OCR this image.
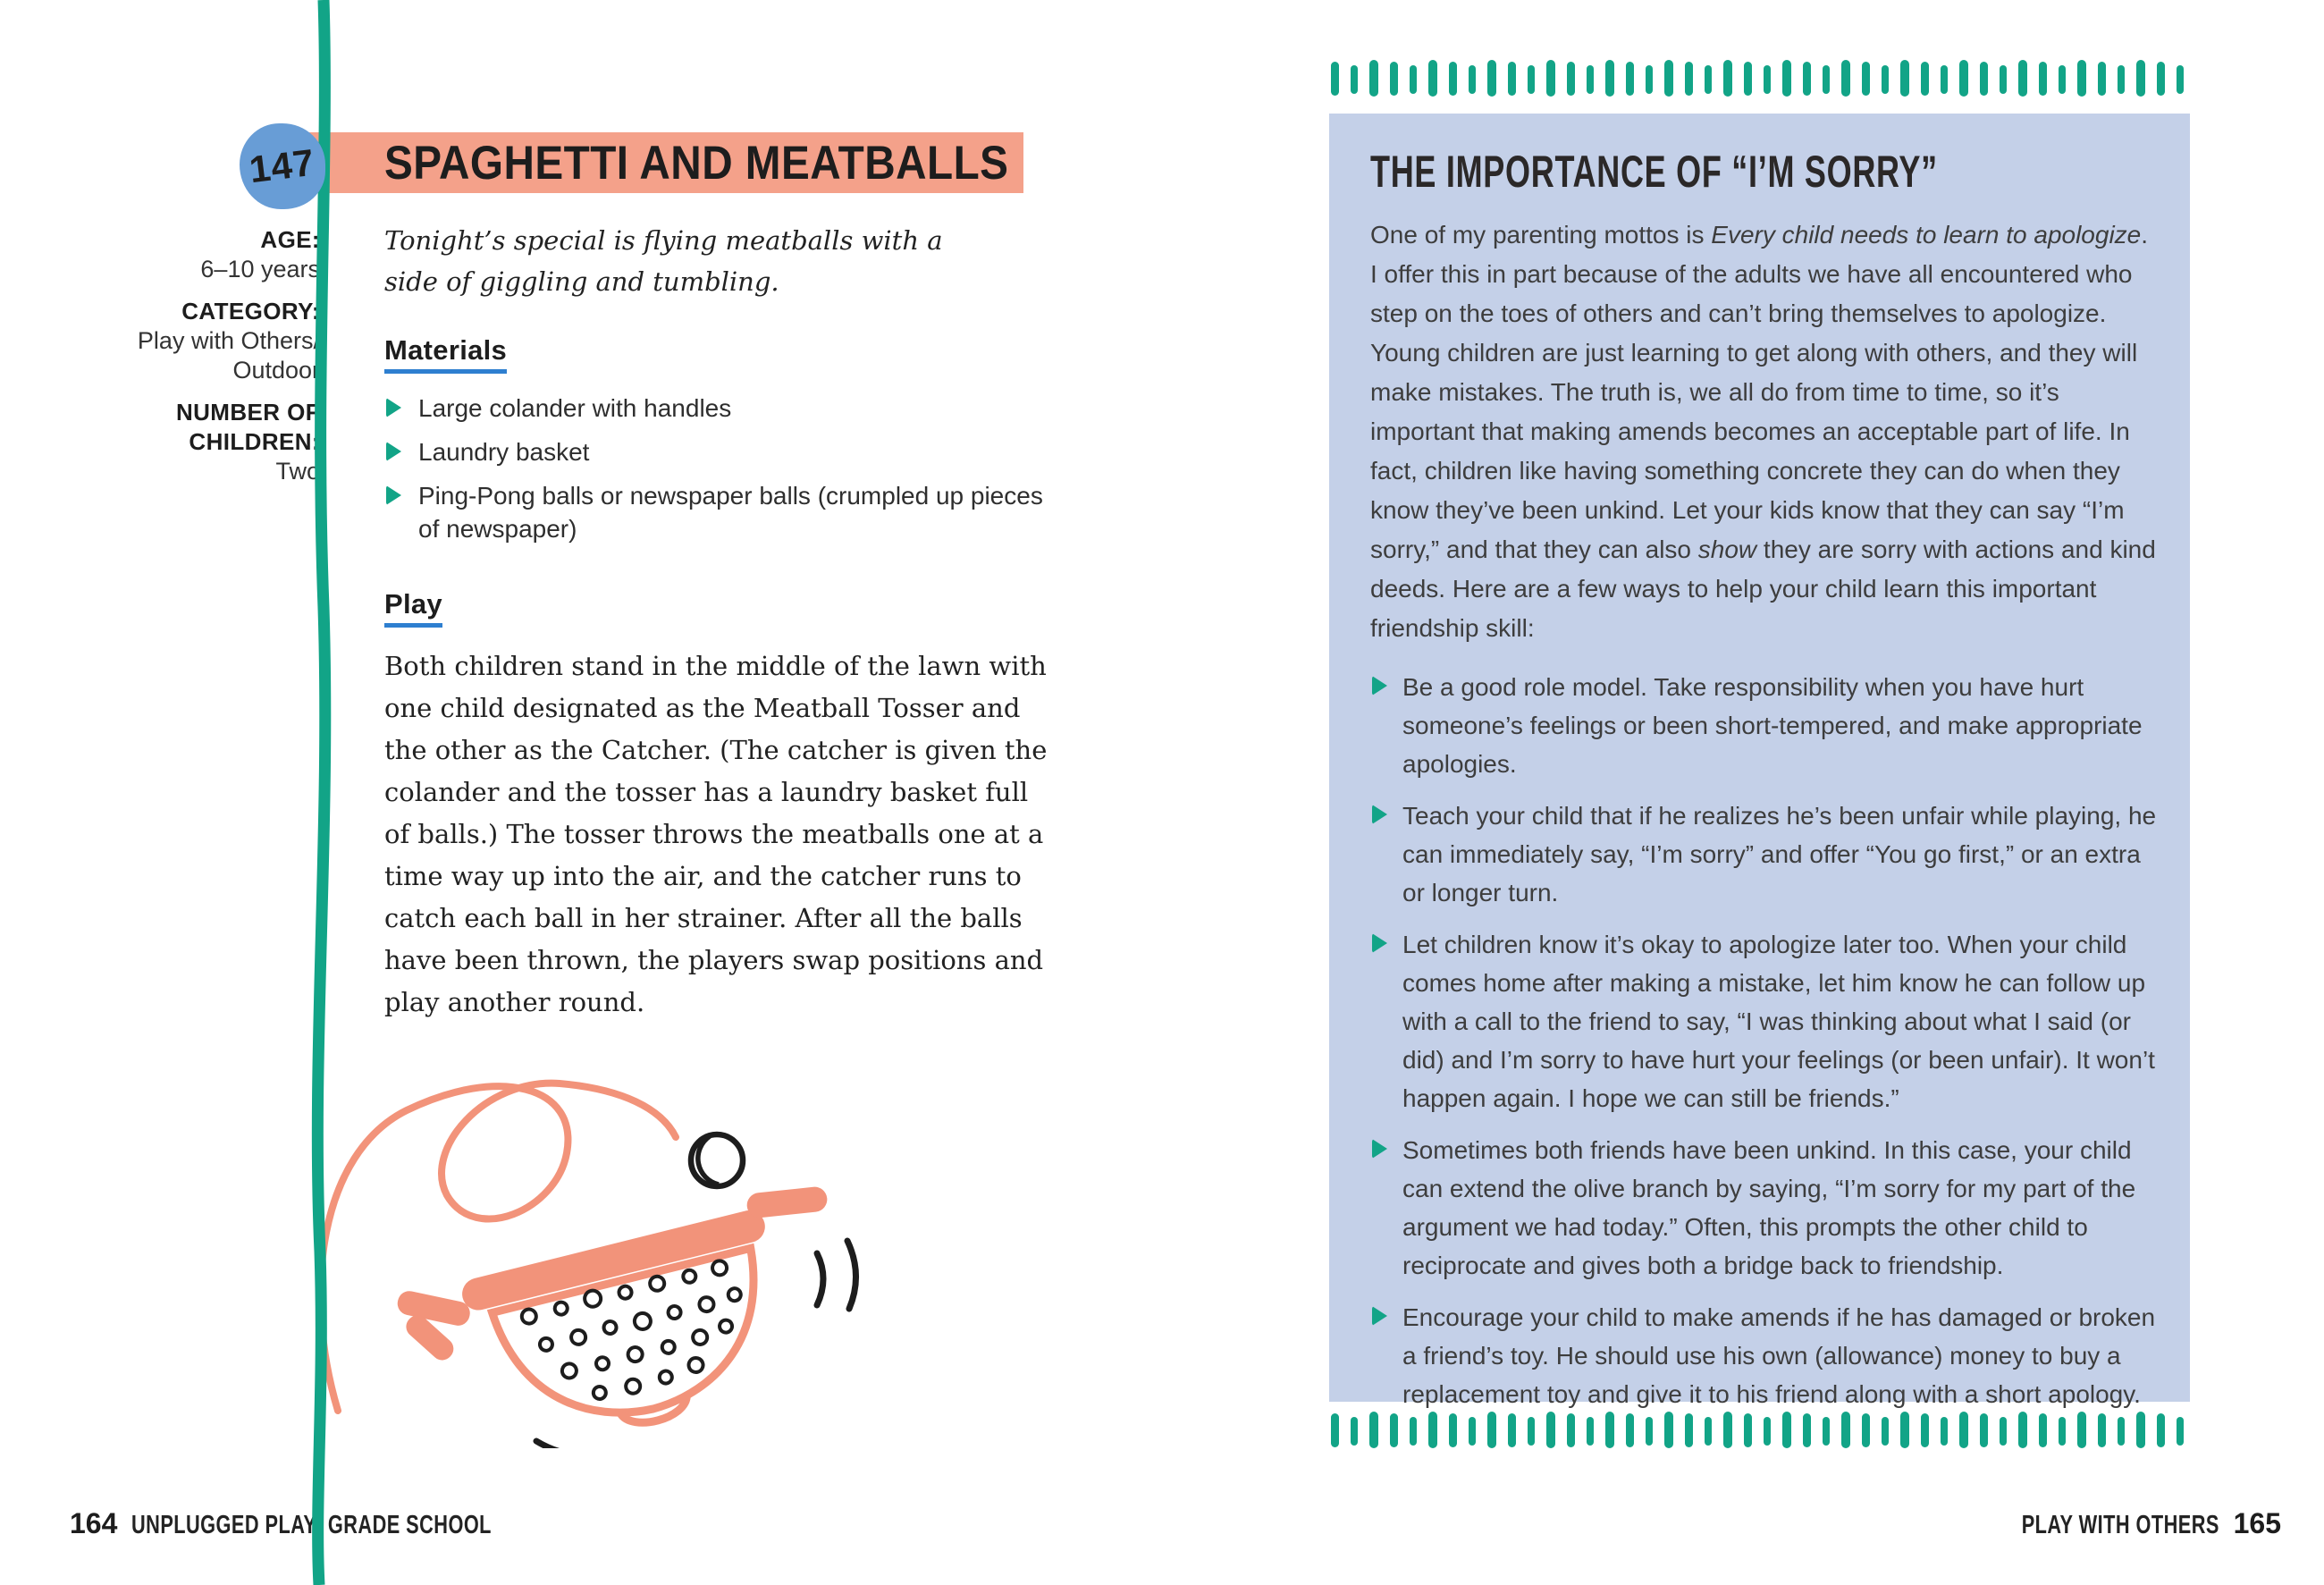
SPAGHETTI AND MEATBALLS
147
AGE:
6–10 years
CATEGORY:
Play with Others/
Outdoor
NUMBER OF
CHILDREN:
Two

Tonight’s special is flying meatballs with a side of giggling and tumbling.

Materials
Large colander with handles
Laundry basket
Ping-Pong balls or newspaper balls (crumpled up pieces of newspaper)
Play

Both children stand in the middle of the lawn with one child designated as the Meatball Tosser and the other as the Catcher. (The catcher is given the colander and the tosser has a laundry basket full of balls.) The tosser throws the meatballs one at a time way up into the air, and the catcher runs to catch each ball in her strainer. After all the balls have been thrown, the players swap positions and play another round.

164 UNPLUGGED PLAY: GRADE SCHOOL
THE IMPORTANCE OF “I’M SORRY”

One of my parenting mottos is Every child needs to learn to apologize. I offer this in part because of the adults we have all encountered who step on the toes of others and can’t bring themselves to apologize. Young children are just learning to get along with others, and they will make mistakes. The truth is, we all do from time to time, so it’s important that making amends becomes an acceptable part of life. In fact, children like having something concrete they can do when they know they’ve been unkind. Let your kids know that they can say “I’m sorry,” and that they can also show they are sorry with actions and kind deeds. Here are a few ways to help your child learn this important friendship skill:

Be a good role model. Take responsibility when you have hurt someone’s feelings or been short-tempered, and make appropriate apologies.
Teach your child that if he realizes he’s been unfair while playing, he can immediately say, “I’m sorry” and offer “You go first,” or an extra or longer turn.
Let children know it’s okay to apologize later too. When your child comes home after making a mistake, let him know he can follow up with a call to the friend to say, “I was thinking about what I said (or did) and I’m sorry to have hurt your feelings (or been unfair). It won’t happen again. I hope we can still be friends.”
Sometimes both friends have been unkind. In this case, your child can extend the olive branch by saying, “I’m sorry for my part of the argument we had today.” Often, this prompts the other child to reciprocate and gives both a bridge back to friendship.
Encourage your child to make amends if he has damaged or broken a friend’s toy. He should use his own (allowance) money to buy a replacement toy and give it to his friend along with a short apology.
PLAY WITH OTHERS 165
